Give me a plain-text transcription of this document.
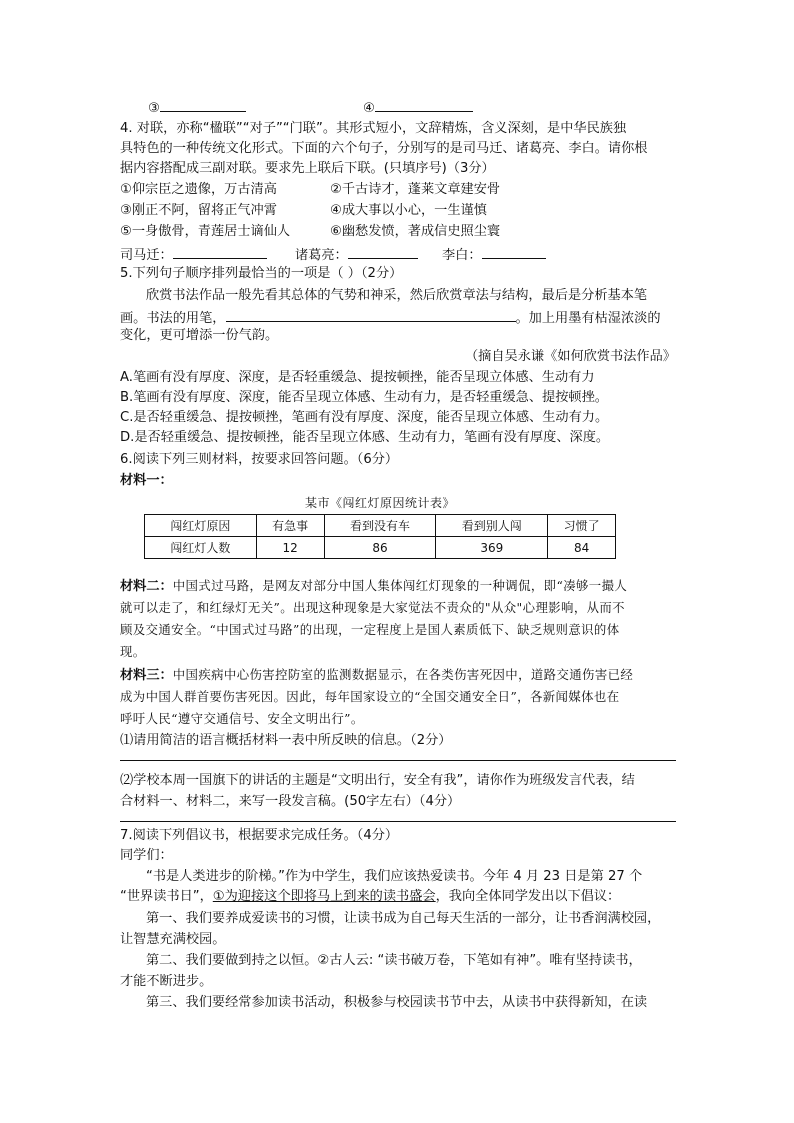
③	④
4. 对联，亦称“楹联”“对子”“门联”。其形式短小，文辞精炼，含义深刻，是中华民族独
具特色的一种传统文化形式。下面的六个句子，分别写的是司马迁、诸葛亮、李白。请你根
据内容搭配成三副对联。要求先上联后下联。(只填序号)（3分）
①仰宗臣之遗像，万古清高	②千古诗才，蓬莱文章建安骨
③刚正不阿，留将正气冲霄	④成大事以小心，一生谨慎
⑤一身傲骨，青莲居士谪仙人	⑥幽愁发愤，著成信史照尘寰
司马迁：	诸葛亮：	李白：
5.下列句子顺序排列最恰当的一项是（ ）（2分）
欣赏书法作品一般先看其总体的气势和神采，然后欣赏章法与结构，最后是分析基本笔
画。书法的用笔，	。加上用墨有枯湿浓淡的
变化，更可增添一份气韵。
（摘自吴永谦《如何欣赏书法作品》
A.笔画有没有厚度、深度，是否轻重缓急、提按顿挫，能否呈现立体感、生动有力
B.笔画有没有厚度、深度，能否呈现立体感、生动有力，是否轻重缓急、提按顿挫。
C.是否轻重缓急、提按顿挫，笔画有没有厚度、深度，能否呈现立体感、生动有力。
D.是否轻重缓急、提按顿挫，能否呈现立体感、生动有力，笔画有没有厚度、深度。
6.阅读下列三则材料，按要求回答问题。（6分）
材料一：
某市《闯红灯原因统计表》
闯红灯原因	有急事	看到没有车	看到别人闯	习惯了
闯红灯人数	12	86	369	84
材料二：中国式过马路，是网友对部分中国人集体闯红灯现象的一种调侃，即“凑够一撮人
就可以走了，和红绿灯无关”。出现这种现象是大家觉法不责众的"从众"心理影响，从而不
顾及交通安全。“中国式过马路”的出现，一定程度上是国人素质低下、缺乏规则意识的体
现。
材料三：中国疾病中心伤害控防室的监测数据显示，在各类伤害死因中，道路交通伤害已经
成为中国人群首要伤害死因。因此，每年国家设立的“全国交通安全日”，各新闻媒体也在
呼吁人民“遵守交通信号、安全文明出行”。
⑴请用简洁的语言概括材料一表中所反映的信息。（2分）
⑵学校本周一国旗下的讲话的主题是“文明出行，安全有我”，请你作为班级发言代表，结
合材料一、材料二，来写一段发言稿。(50字左右）（4分）
7.阅读下列倡议书，根据要求完成任务。（4分）
同学们：
“书是人类进步的阶梯。”作为中学生，我们应该热爱读书。今年 4 月 23 日是第 27 个
“世界读书日”，①为迎接这个即将马上到来的读书盛会，我向全体同学发出以下倡议：
第一、我们要养成爱读书的习惯，让读书成为自己每天生活的一部分，让书香润满校园，
让智慧充满校园。
第二、我们要做到持之以恒。②古人云: “读书破万卷，下笔如有神”。唯有坚持读书，
才能不断进步。
第三、我们要经常参加读书活动，积极参与校园读书节中去，从读书中获得新知，在读
